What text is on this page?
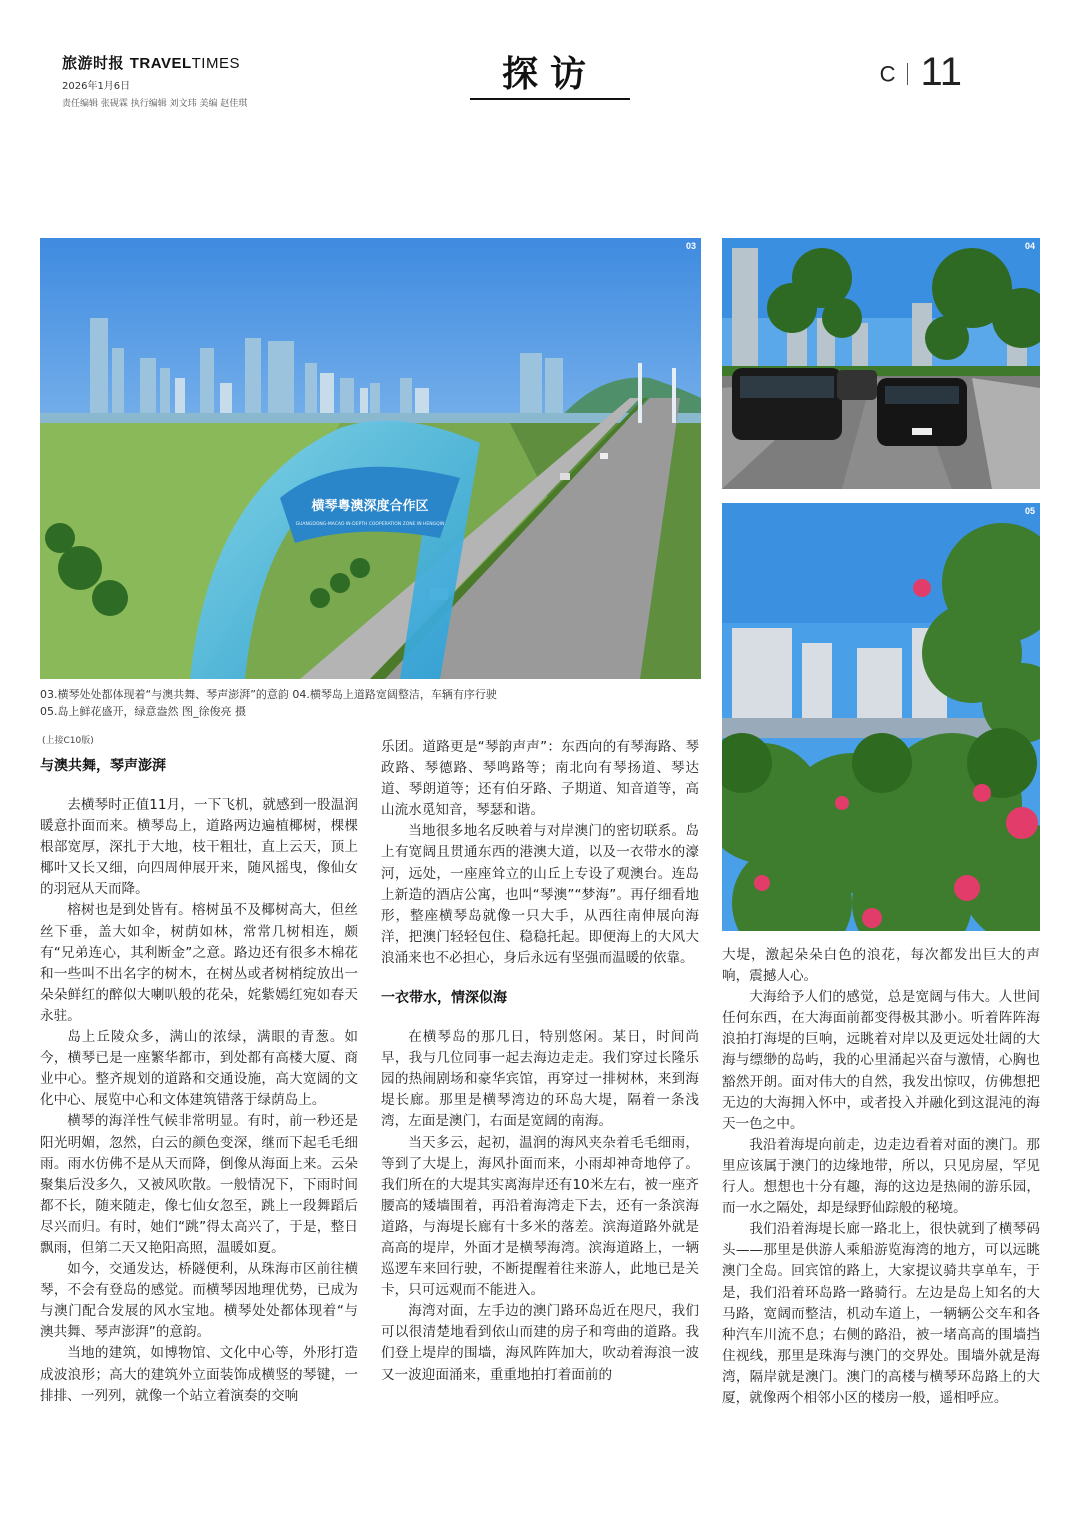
旅游时报 TRAVELTIMES
2026年1月6日
责任编辑 张砚霖 执行编辑 刘文玮 美编 赵佳琪
探访	C 11
横琴粤澳深度合作区
GUANGDONG-MACAO IN-DEPTH COOPERATION ZONE IN HENGQIN
03	04
05
03.横琴处处都体现着“与澳共舞、琴声澎湃”的意韵 04.横琴岛上道路宽阔整洁，车辆有序行驶
05.岛上鲜花盛开，绿意盎然 图_徐俊亮 摄
(上接C10版)
与澳共舞，琴声澎湃

去横琴时正值11月，一下飞机，就感到一股温润暖意扑面而来。横琴岛上，道路两边遍植椰树，棵棵根部宽厚，深扎于大地，枝干粗壮，直上云天，顶上椰叶又长又细，向四周伸展开来，随风摇曳，像仙女的羽冠从天而降。

榕树也是到处皆有。榕树虽不及椰树高大，但丝丝下垂，盖大如伞，树荫如林，常常几树相连，颇有“兄弟连心，其利断金”之意。路边还有很多木棉花和一些叫不出名字的树木，在树丛或者树梢绽放出一朵朵鲜红的醉似大喇叭般的花朵，姹紫嫣红宛如春天永驻。

岛上丘陵众多，满山的浓绿，满眼的青葱。如今，横琴已是一座繁华都市，到处都有高楼大厦、商业中心。整齐规划的道路和交通设施，高大宽阔的文化中心、展览中心和文体建筑错落于绿荫岛上。

横琴的海洋性气候非常明显。有时，前一秒还是阳光明媚，忽然，白云的颜色变深，继而下起毛毛细雨。雨水仿佛不是从天而降，倒像从海面上来。云朵聚集后没多久，又被风吹散。一般情况下，下雨时间都不长，随来随走，像七仙女忽至，跳上一段舞蹈后尽兴而归。有时，她们“跳”得太高兴了，于是，整日飘雨，但第二天又艳阳高照，温暖如夏。

如今，交通发达，桥隧便利，从珠海市区前往横琴，不会有登岛的感觉。而横琴因地理优势，已成为与澳门配合发展的风水宝地。横琴处处都体现着“与澳共舞、琴声澎湃”的意韵。

当地的建筑，如博物馆、文化中心等，外形打造成波浪形；高大的建筑外立面装饰成横竖的琴键，一排排、一列列，就像一个站立着演奏的交响

乐团。道路更是“琴韵声声”：东西向的有琴海路、琴政路、琴德路、琴鸣路等；南北向有琴扬道、琴达道、琴朗道等；还有伯牙路、子期道、知音道等，高山流水觅知音，琴瑟和谐。

当地很多地名反映着与对岸澳门的密切联系。岛上有宽阔且贯通东西的港澳大道，以及一衣带水的濠河，远处，一座座耸立的山丘上专设了观澳台。连岛上新造的酒店公寓，也叫“琴澳”“梦海”。再仔细看地形，整座横琴岛就像一只大手，从西往南伸展向海洋，把澳门轻轻包住、稳稳托起。即便海上的大风大浪涌来也不必担心，身后永远有坚强而温暖的依靠。

一衣带水，情深似海

在横琴岛的那几日，特别悠闲。某日，时间尚早，我与几位同事一起去海边走走。我们穿过长隆乐园的热闹剧场和豪华宾馆，再穿过一排树林，来到海堤长廊。那里是横琴湾边的环岛大堤，隔着一条浅湾，左面是澳门，右面是宽阔的南海。

当天多云，起初，温润的海风夹杂着毛毛细雨，等到了大堤上，海风扑面而来，小雨却神奇地停了。我们所在的大堤其实离海岸还有10米左右，被一座齐腰高的矮墙围着，再沿着海湾走下去，还有一条滨海道路，与海堤长廊有十多米的落差。滨海道路外就是高高的堤岸，外面才是横琴海湾。滨海道路上，一辆巡逻车来回行驶，不断提醒着往来游人，此地已是关卡，只可远观而不能进入。

海湾对面，左手边的澳门路环岛近在咫尺，我们可以很清楚地看到依山而建的房子和弯曲的道路。我们登上堤岸的围墙，海风阵阵加大，吹动着海浪一波又一波迎面涌来，重重地拍打着面前的

大堤，激起朵朵白色的浪花，每次都发出巨大的声响，震撼人心。

大海给予人们的感觉，总是宽阔与伟大。人世间任何东西，在大海面前都变得极其渺小。听着阵阵海浪拍打海堤的巨响，远眺着对岸以及更远处壮阔的大海与缥缈的岛屿，我的心里涌起兴奋与激情，心胸也豁然开朗。面对伟大的自然，我发出惊叹，仿佛想把无边的大海拥入怀中，或者投入并融化到这混沌的海天一色之中。

我沿着海堤向前走，边走边看着对面的澳门。那里应该属于澳门的边缘地带，所以，只见房屋，罕见行人。想想也十分有趣，海的这边是热闹的游乐园，而一水之隔处，却是绿野仙踪般的秘境。

我们沿着海堤长廊一路北上，很快就到了横琴码头——那里是供游人乘船游览海湾的地方，可以远眺澳门全岛。回宾馆的路上，大家提议骑共享单车，于是，我们沿着环岛路一路骑行。左边是岛上知名的大马路，宽阔而整洁，机动车道上，一辆辆公交车和各种汽车川流不息；右侧的路沿，被一堵高高的围墙挡住视线，那里是珠海与澳门的交界处。围墙外就是海湾，隔岸就是澳门。澳门的高楼与横琴环岛路上的大厦，就像两个相邻小区的楼房一般，遥相呼应。
